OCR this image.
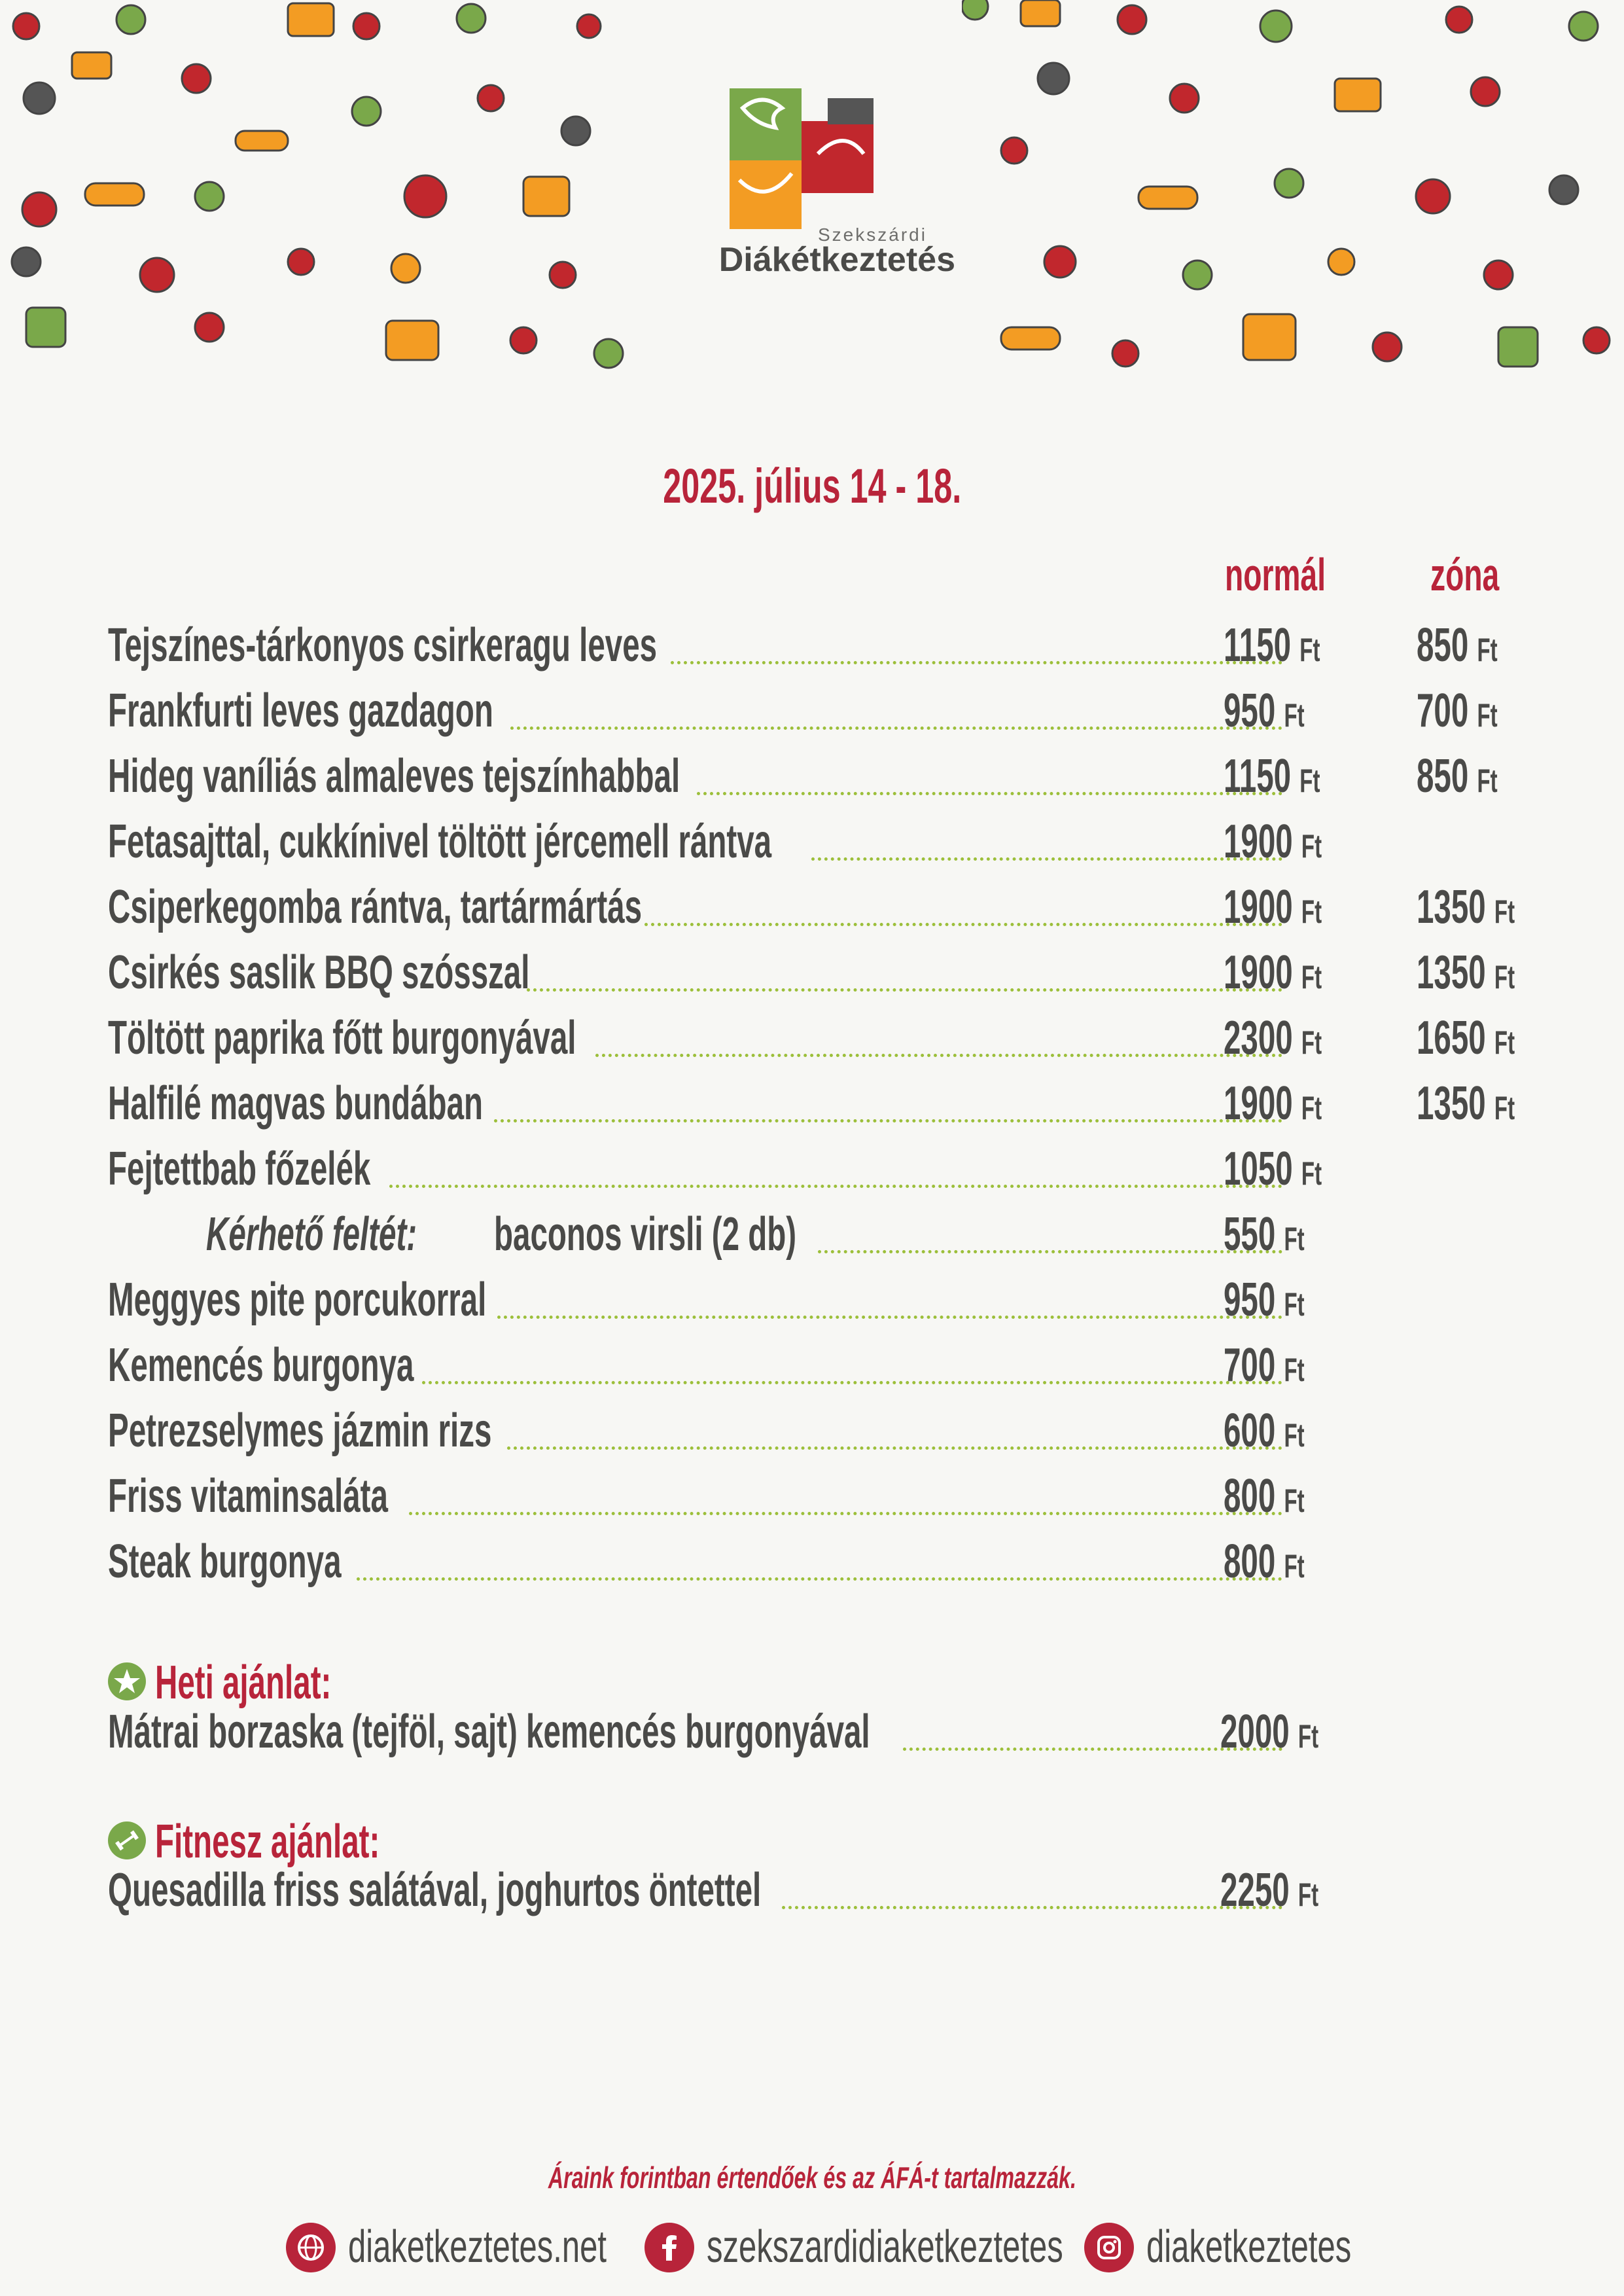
Szekszárdi
Diákétkeztetés
2025. július 14 - 18.
normál	zóna
Tejszínes-tárkonyos csirkeragu leves	1150 Ft 850 Ft
Frankfurti leves gazdagon	950 Ft 700 Ft
Hideg vaníliás almaleves tejszínhabbal	1150 Ft 850 Ft
Fetasajttal, cukkínivel töltött jércemell rántva	1900 Ft
Csiperkegomba rántva, tartármártás	1900 Ft 1350 Ft
Csirkés saslik BBQ szósszal	1900 Ft 1350 Ft
Töltött paprika főtt burgonyával	2300 Ft 1650 Ft
Halfilé magvas bundában	1900 Ft 1350 Ft
Fejtettbab főzelék	1050 Ft
Kérhető feltét: baconos virsli (2 db)	550 Ft
Meggyes pite porcukorral	950 Ft
Kemencés burgonya	700 Ft
Petrezselymes jázmin rizs	600 Ft
Friss vitaminsaláta	800 Ft
Steak burgonya	800 Ft
Heti ajánlat:
Mátrai borzaska (tejföl, sajt) kemencés burgonyával	2000 Ft
Fitnesz ajánlat:
Quesadilla friss salátával, joghurtos öntettel	2250 Ft
Áraink forintban értendőek és az ÁFÁ-t tartalmazzák.
diaketkeztetes.net szekszardidiaketkeztetes diaketkeztetes
